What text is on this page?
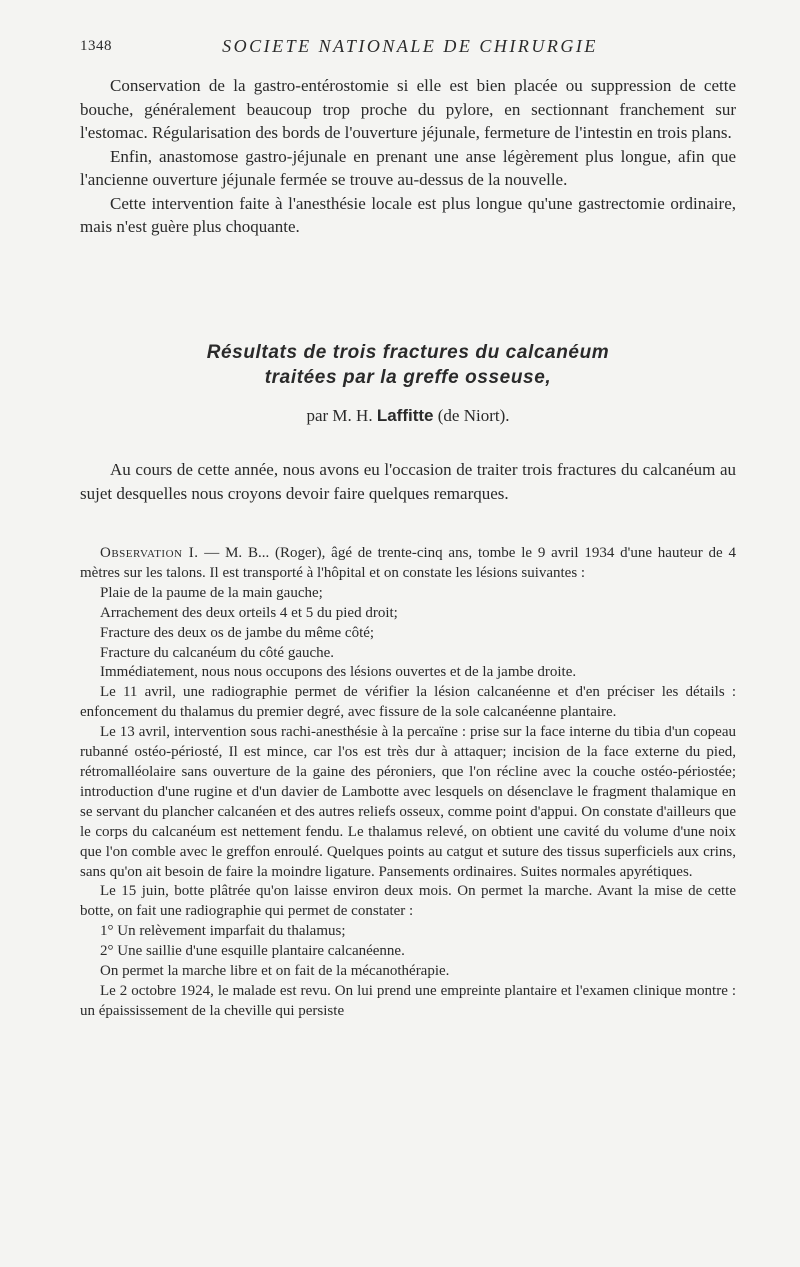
1348	SOCIETE NATIONALE DE CHIRURGIE

Conservation de la gastro-entérostomie si elle est bien placée ou suppression de cette bouche, généralement beaucoup trop proche du pylore, en sectionnant franchement sur l'estomac. Régularisation des bords de l'ouverture jéjunale, fermeture de l'intestin en trois plans.

Enfin, anastomose gastro-jéjunale en prenant une anse légèrement plus longue, afin que l'ancienne ouverture jéjunale fermée se trouve au-dessus de la nouvelle.

Cette intervention faite à l'anesthésie locale est plus longue qu'une gastrectomie ordinaire, mais n'est guère plus choquante.

Résultats de trois fractures du calcanéum
traitées par la greffe osseuse,
par M. H. Laffitte (de Niort).

Au cours de cette année, nous avons eu l'occasion de traiter trois fractures du calcanéum au sujet desquelles nous croyons devoir faire quelques remarques.

Observation I. — M. B... (Roger), âgé de trente-cinq ans, tombe le 9 avril 1934 d'une hauteur de 4 mètres sur les talons. Il est transporté à l'hôpital et on constate les lésions suivantes :

Plaie de la paume de la main gauche;

Arrachement des deux orteils 4 et 5 du pied droit;

Fracture des deux os de jambe du même côté;

Fracture du calcanéum du côté gauche.

Immédiatement, nous nous occupons des lésions ouvertes et de la jambe droite.

Le 11 avril, une radiographie permet de vérifier la lésion calcanéenne et d'en préciser les détails : enfoncement du thalamus du premier degré, avec fissure de la sole calcanéenne plantaire.

Le 13 avril, intervention sous rachi-anesthésie à la percaïne : prise sur la face interne du tibia d'un copeau rubanné ostéo-périosté, Il est mince, car l'os est très dur à attaquer; incision de la face externe du pied, rétromalléolaire sans ouverture de la gaine des péroniers, que l'on récline avec la couche ostéo-périostée; introduction d'une rugine et d'un davier de Lambotte avec lesquels on désenclave le fragment thalamique en se servant du plancher calcanéen et des autres reliefs osseux, comme point d'appui. On constate d'ailleurs que le corps du calcanéum est nettement fendu. Le thalamus relevé, on obtient une cavité du volume d'une noix que l'on comble avec le greffon enroulé. Quelques points au catgut et suture des tissus superficiels aux crins, sans qu'on ait besoin de faire la moindre ligature. Pansements ordinaires. Suites normales apyrétiques.

Le 15 juin, botte plâtrée qu'on laisse environ deux mois. On permet la marche. Avant la mise de cette botte, on fait une radiographie qui permet de constater :

1° Un relèvement imparfait du thalamus;

2° Une saillie d'une esquille plantaire calcanéenne.

On permet la marche libre et on fait de la mécanothérapie.

Le 2 octobre 1924, le malade est revu. On lui prend une empreinte plantaire et l'examen clinique montre : un épaississement de la cheville qui persiste
